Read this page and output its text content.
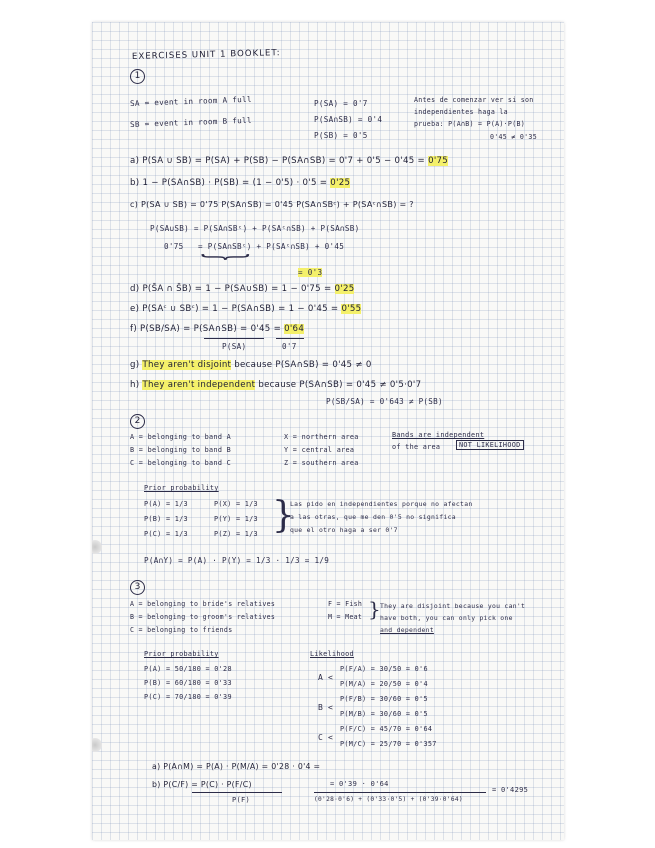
EXERCISES UNIT 1 BOOKLET:
1
SA = event in room A full
SB = event in room B full
P(SA) = 0'7
P(SA∩SB) = 0'4
P(SB) = 0'5
Antes de comenzar ver si son
independientes haga la
prueba: P(A∩B) = P(A)·P(B)
0'45 ≠ 0'35
a) P(SA ∪ SB) = P(SA) + P(SB) − P(SA∩SB) = 0'7 + 0'5 − 0'45 = 0'75
b) 1 − P(SA∩SB) · P(SB) = (1 − 0'5) · 0'5 = 0'25
c) P(SA ∪ SB) = 0'75 P(SA∩SB) = 0'45 P(SA∩SBᶜ) + P(SAᶜ∩SB) = ?
P(SA∪SB) = P(SA∩SBᶜ) + P(SAᶜ∩SB) + P(SA∩SB)
0'75 = P(SA∩SBᶜ) + P(SAᶜ∩SB) + 0'45
}
= 0'3
d) P(S̄A ∩ S̄B) = 1 − P(SA∪SB) = 1 − 0'75 = 0'25
e) P(SAᶜ ∪ SBᶜ) = 1 − P(SA∩SB) = 1 − 0'45 = 0'55
f) P(SB/SA) = P(SA∩SB) = 0'45 = 0'64
P(SA)	0'7
g) They aren't disjoint because P(SA∩SB) = 0'45 ≠ 0
h) They aren't independent because P(SA∩SB) = 0'45 ≠ 0'5·0'7
P(SB/SA) = 0'643 ≠ P(SB)
2
A = belonging to band A
B = belonging to band B
C = belonging to band C
X = northern area
Y = central area
Z = southern area
Bands are independent
of the area	NOT LIKELIHOOD
Prior probability
P(A) = 1/3
P(B) = 1/3
P(C) = 1/3
P(X) = 1/3
P(Y) = 1/3
P(Z) = 1/3 }
Las pido en independientes porque no afectan
a las otras, que me den 0'5 no significa
que el otro haga a ser 0'7
P(A∩Y) = P(A) · P(Y) = 1/3 · 1/3 = 1/9
3
A = belonging to bride's relatives
B = belonging to groom's relatives
C = belonging to friends
F = Fish
M = Meat } They are disjoint because you can't
have both, you can only pick one
and dependent
Prior probability
P(A) = 50/180 = 0'28
P(B) = 60/180 = 0'33
P(C) = 70/180 = 0'39
Likelihood
A <
P(F/A) = 30/50 = 0'6
P(M/A) = 20/50 = 0'4
B <
P(F/B) = 30/60 = 0'5
P(M/B) = 30/60 = 0'5
C <
P(F/C) = 45/70 = 0'64
P(M/C) = 25/70 = 0'357
a) P(A∩M) = P(A) · P(M/A) = 0'28 · 0'4 =
b) P(C/F) = P(C) · P(F/C)	= 0'39 · 0'64
P(F)	(0'28·0'6) + (0'33·0'5) + (0'39·0'64)
= 0'4295
